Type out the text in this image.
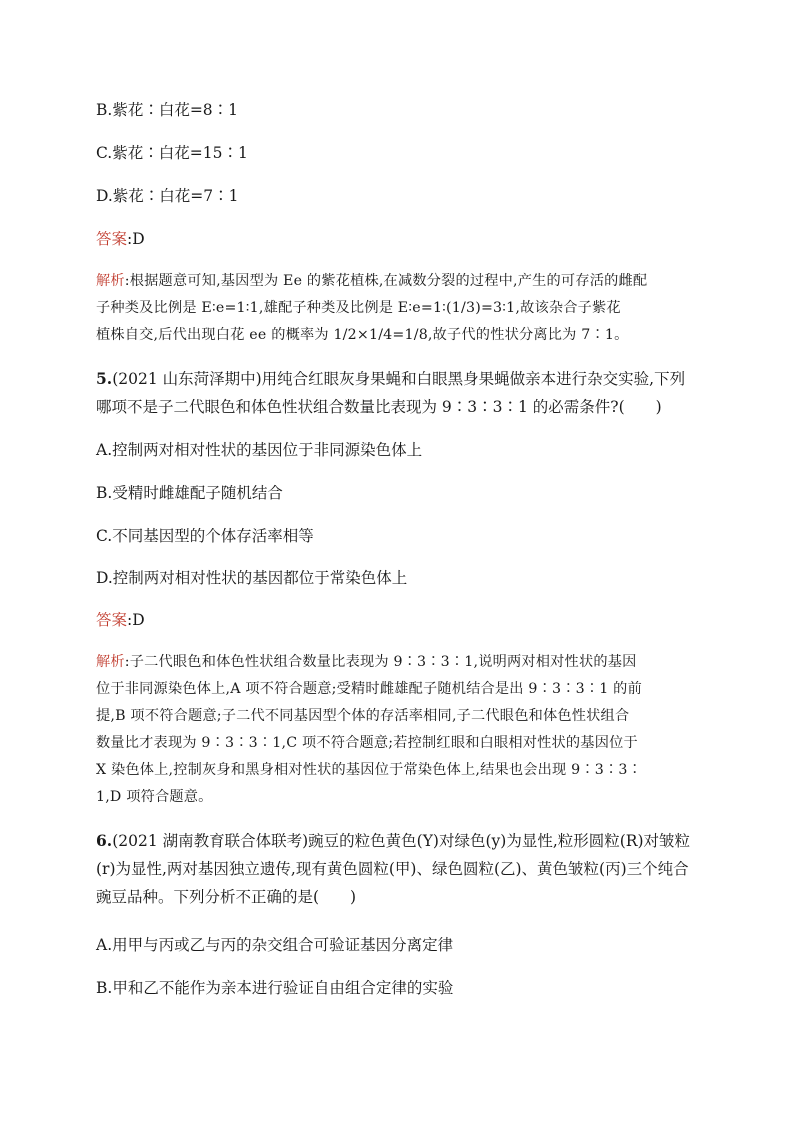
B.紫花∶白花=8∶1
C.紫花∶白花=15∶1
D.紫花∶白花=7∶1
答案:D
解析:根据题意可知,基因型为 Ee 的紫花植株,在减数分裂的过程中,产生的可存活的雌配
子种类及比例是 E∶e=1∶1,雄配子种类及比例是 E∶e=1∶(1/3)=3∶1,故该杂合子紫花
植株自交,后代出现白花 ee 的概率为 1/2×1/4=1/8,故子代的性状分离比为 7∶1。
5.(2021 山东菏泽期中)用纯合红眼灰身果蝇和白眼黑身果蝇做亲本进行杂交实验,下列
哪项不是子二代眼色和体色性状组合数量比表现为 9∶3∶3∶1 的必需条件?(　　)
A.控制两对相对性状的基因位于非同源染色体上
B.受精时雌雄配子随机结合
C.不同基因型的个体存活率相等
D.控制两对相对性状的基因都位于常染色体上
答案:D
解析:子二代眼色和体色性状组合数量比表现为 9∶3∶3∶1,说明两对相对性状的基因
位于非同源染色体上,A 项不符合题意;受精时雌雄配子随机结合是出 9∶3∶3∶1 的前
提,B 项不符合题意;子二代不同基因型个体的存活率相同,子二代眼色和体色性状组合
数量比才表现为 9∶3∶3∶1,C 项不符合题意;若控制红眼和白眼相对性状的基因位于
X 染色体上,控制灰身和黑身相对性状的基因位于常染色体上,结果也会出现 9∶3∶3∶
1,D 项符合题意。
6.(2021 湖南教育联合体联考)豌豆的粒色黄色(Y)对绿色(y)为显性,粒形圆粒(R)对皱粒
(r)为显性,两对基因独立遗传,现有黄色圆粒(甲)、绿色圆粒(乙)、黄色皱粒(丙)三个纯合
豌豆品种。下列分析不正确的是(　　)
A.用甲与丙或乙与丙的杂交组合可验证基因分离定律
B.甲和乙不能作为亲本进行验证自由组合定律的实验
